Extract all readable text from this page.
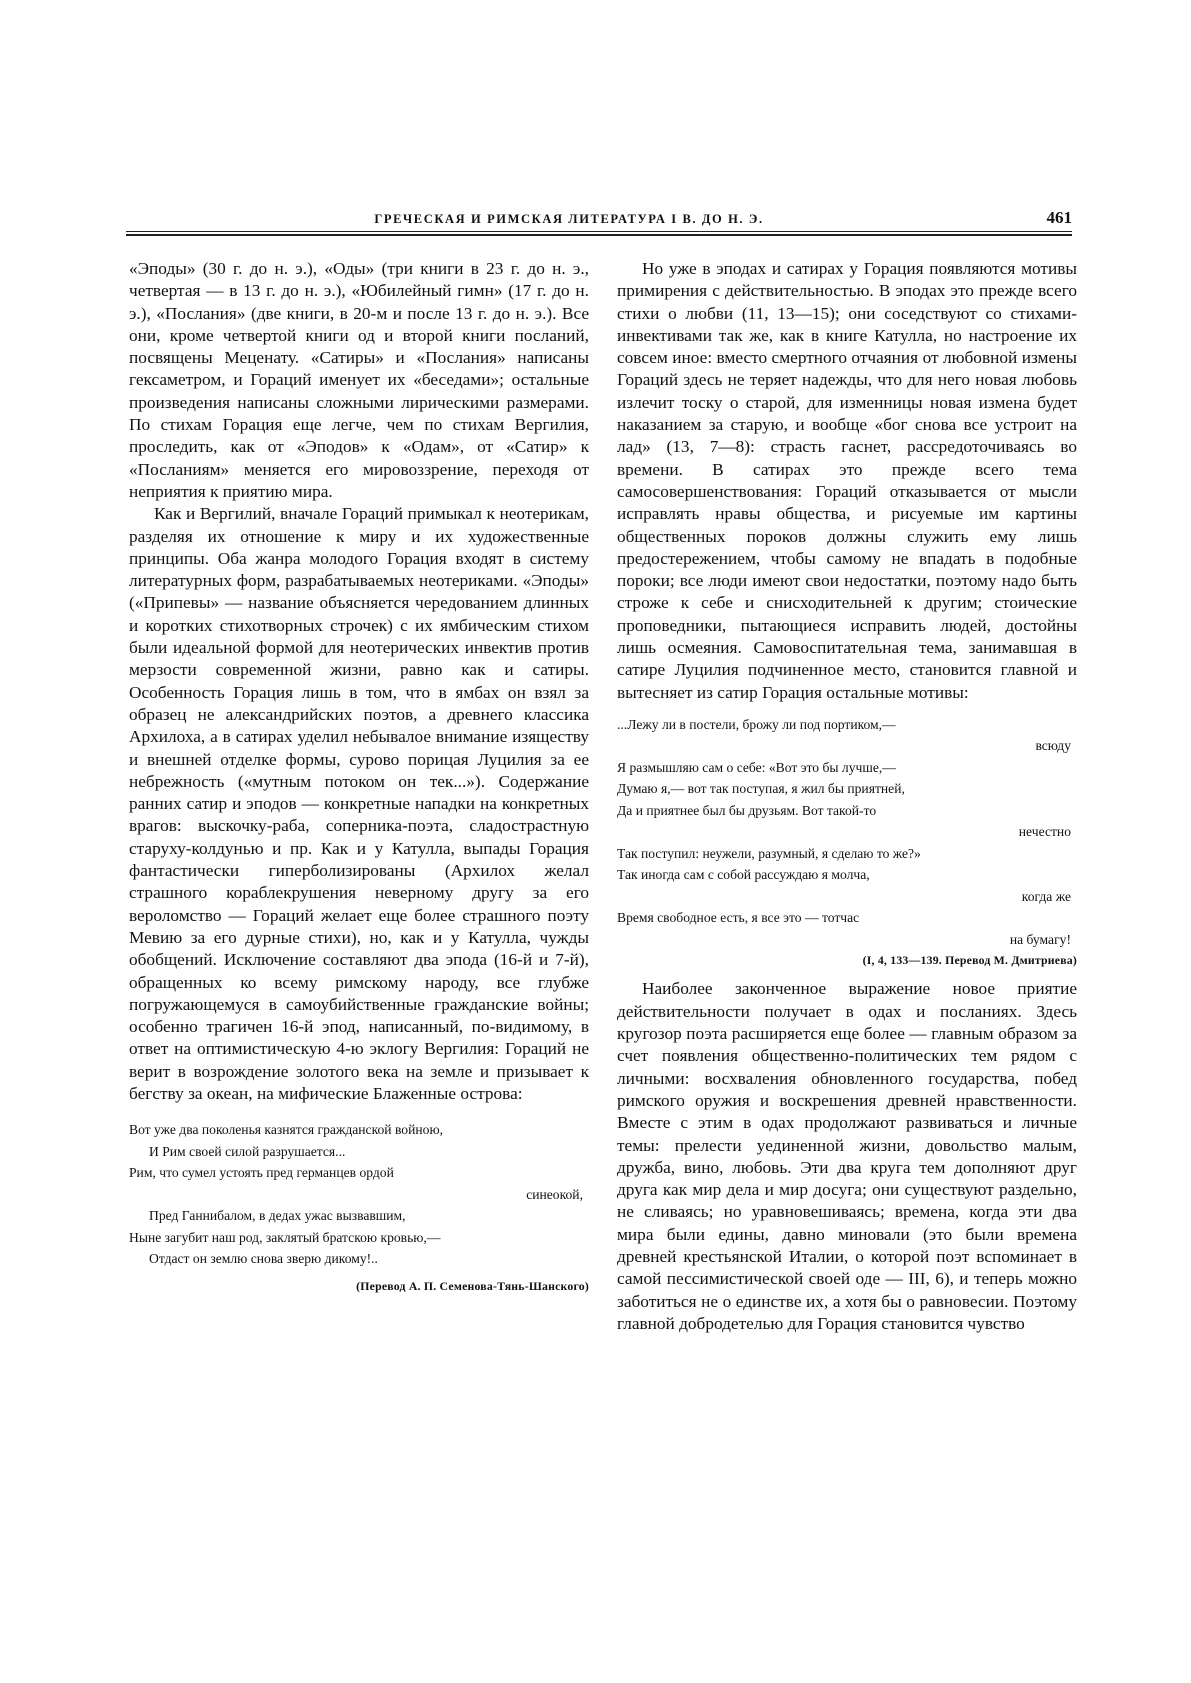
ГРЕЧЕСКАЯ И РИМСКАЯ ЛИТЕРАТУРА I В. ДО Н. Э.	461

«Эподы» (30 г. до н. э.), «Оды» (три книги в 23 г. до н. э., четвертая — в 13 г. до н. э.), «Юбилейный гимн» (17 г. до н. э.), «Послания» (две книги, в 20-м и после 13 г. до н. э.). Все они, кроме четвертой книги од и второй книги посланий, посвящены Меценату. «Сатиры» и «Послания» написаны гексаметром, и Гораций именует их «беседами»; остальные произведения написаны сложными лирическими размерами. По стихам Горация еще легче, чем по стихам Вергилия, проследить, как от «Эподов» к «Одам», от «Сатир» к «Посланиям» меняется его мировоззрение, переходя от неприятия к приятию мира.

Как и Вергилий, вначале Гораций примыкал к неотерикам, разделяя их отношение к миру и их художественные принципы. Оба жанра молодого Горация входят в систему литературных форм, разрабатываемых неотериками. «Эподы» («Припевы» — название объясняется чередованием длинных и коротких стихотворных строчек) с их ямбическим стихом были идеальной формой для неотерических инвектив против мерзости современной жизни, равно как и сатиры. Особенность Горация лишь в том, что в ямбах он взял за образец не александрийских поэтов, а древнего классика Архилоха, а в сатирах уделил небывалое внимание изяществу и внешней отделке формы, сурово порицая Луцилия за ее небрежность («мутным потоком он тек...»). Содержание ранних сатир и эподов — конкретные нападки на конкретных врагов: выскочку-раба, соперника-поэта, сладострастную старуху-колдунью и пр. Как и у Катулла, выпады Горация фантастически гиперболизированы (Архилох желал страшного кораблекрушения неверному другу за его вероломство — Гораций желает еще более страшного поэту Мевию за его дурные стихи), но, как и у Катулла, чужды обобщений. Исключение составляют два эпода (16-й и 7-й), обращенных ко всему римскому народу, все глубже погружающемуся в самоубийственные гражданские войны; особенно трагичен 16-й эпод, написанный, по-видимому, в ответ на оптимистическую 4-ю эклогу Вергилия: Гораций не верит в возрождение золотого века на земле и призывает к бегству за океан, на мифические Блаженные острова:

Вот уже два поколенья казнятся гражданской войною,
И Рим своей силой разрушается...
Рим, что сумел устоять пред германцев ордой
синеокой,
Пред Ганнибалом, в дедах ужас вызвавшим,
Ныне загубит наш род, заклятый братскою кровью,—
Отдаст он землю снова зверю дикому!..
(Перевод А. П. Семенова-Тянь-Шанского)

Но уже в эподах и сатирах у Горация появляются мотивы примирения с действительностью. В эподах это прежде всего стихи о любви (11, 13—15); они соседствуют со стихами-инвективами так же, как в книге Катулла, но настроение их совсем иное: вместо смертного отчаяния от любовной измены Гораций здесь не теряет надежды, что для него новая любовь излечит тоску о старой, для изменницы новая измена будет наказанием за старую, и вообще «бог снова все устроит на лад» (13, 7—8): страсть гаснет, рассредоточиваясь во времени. В сатирах это прежде всего тема самосовершенствования: Гораций отказывается от мысли исправлять нравы общества, и рисуемые им картины общественных пороков должны служить ему лишь предостережением, чтобы самому не впадать в подобные пороки; все люди имеют свои недостатки, поэтому надо быть строже к себе и снисходительней к другим; стоические проповедники, пытающиеся исправить людей, достойны лишь осмеяния. Самовоспитательная тема, занимавшая в сатире Луцилия подчиненное место, становится главной и вытесняет из сатир Горация остальные мотивы:

...Лежу ли в постели, брожу ли под портиком,—
всюду
Я размышляю сам о себе: «Вот это бы лучше,—
Думаю я,— вот так поступая, я жил бы приятней,
Да и приятнее был бы друзьям. Вот такой-то
нечестно
Так поступил: неужели, разумный, я сделаю то же?»
Так иногда сам с собой рассуждаю я молча,
когда же
Время свободное есть, я все это — тотчас
на бумагу!
(I, 4, 133—139. Перевод М. Дмитриева)

Наиболее законченное выражение новое приятие действительности получает в одах и посланиях. Здесь кругозор поэта расширяется еще более — главным образом за счет появления общественно-политических тем рядом с личными: восхваления обновленного государства, побед римского оружия и воскрешения древней нравственности. Вместе с этим в одах продолжают развиваться и личные темы: прелести уединенной жизни, довольство малым, дружба, вино, любовь. Эти два круга тем дополняют друг друга как мир дела и мир досуга; они существуют раздельно, не сливаясь; но уравновешиваясь; времена, когда эти два мира были едины, давно миновали (это были времена древней крестьянской Италии, о которой поэт вспоминает в самой пессимистической своей оде — III, 6), и теперь можно заботиться не о единстве их, а хотя бы о равновесии. Поэтому главной добродетелью для Горация становится чувство
